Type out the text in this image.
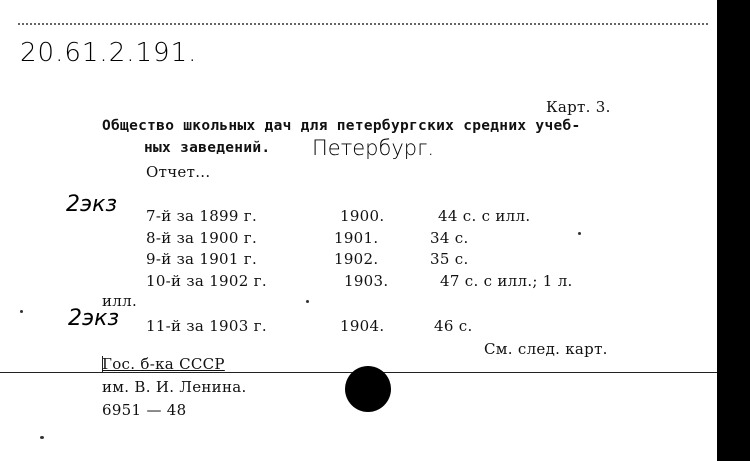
20.61.2.191.
Карт. 3.
Общество школьных дач для петербургских средних учеб-
ных заведений. Петербург.
Отчет...
2экз
2экз
7-й за 1899 г.	1900.	44 с. с илл.
8-й за 1900 г.	1901.	34 с.
9-й за 1901 г.	1902.	35 с.
10-й за 1902 г.	1903.	47 с. с илл.; 1 л.
илл.
11-й за 1903 г.	1904.	46 с.
См. след. карт.
Гос. б-ка СССР
им. В. И. Ленина.
6951 — 48
